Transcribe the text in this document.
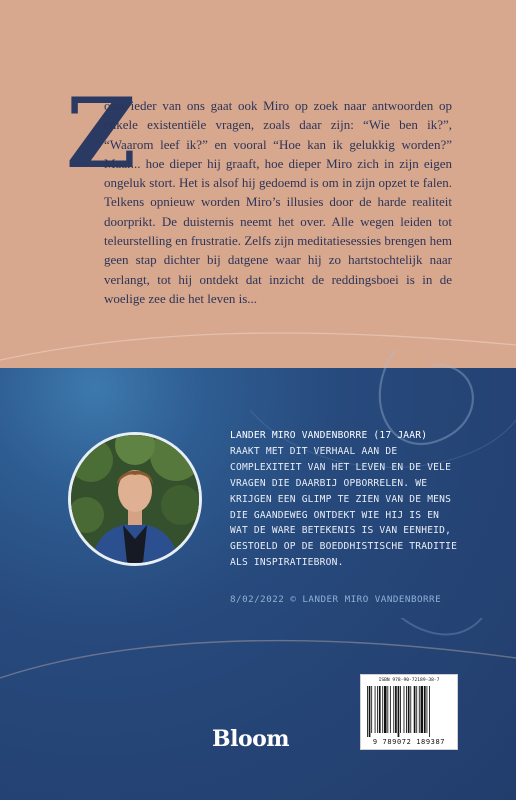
Z
oals ieder van ons gaat ook Miro op zoek naar antwoorden op enkele existentiële vragen, zoals daar zijn: “Wie ben ik?”, “Waarom leef ik?” en vooral “Hoe kan ik gelukkig worden?” Maar... hoe dieper hij graaft, hoe dieper Miro zich in zijn eigen ongeluk stort. Het is alsof hij gedoemd is om in zijn opzet te falen. Telkens opnieuw worden Miro’s illusies door de harde realiteit doorprikt. De duisternis neemt het over. Alle wegen leiden tot teleurstelling en frustratie. Zelfs zijn meditatiesessies brengen hem geen stap dichter bij datgene waar hij zo hartstochtelijk naar verlangt, tot hij ontdekt dat inzicht de reddingsboei is in de woelige zee die het leven is...
LANDER MIRO VANDENBORRE (17 JAAR) RAAKT MET DIT VERHAAL AAN DE COMPLEXITEIT VAN HET LEVEN EN DE VELE VRAGEN DIE DAARBIJ OPBORRELEN. WE KRIJGEN EEN GLIMP TE ZIEN VAN DE MENS DIE GAANDEWEG ONTDEKT WIE HIJ IS EN WAT DE WARE BETEKENIS IS VAN EENHEID, GESTOELD OP DE BOEDDHISTISCHE TRADITIE ALS INSPIRATIEBRON.
8/02/2022 © LANDER MIRO VANDENBORRE
Bloom
ISBN 978-90-72189-38-7
9 789072 189387
